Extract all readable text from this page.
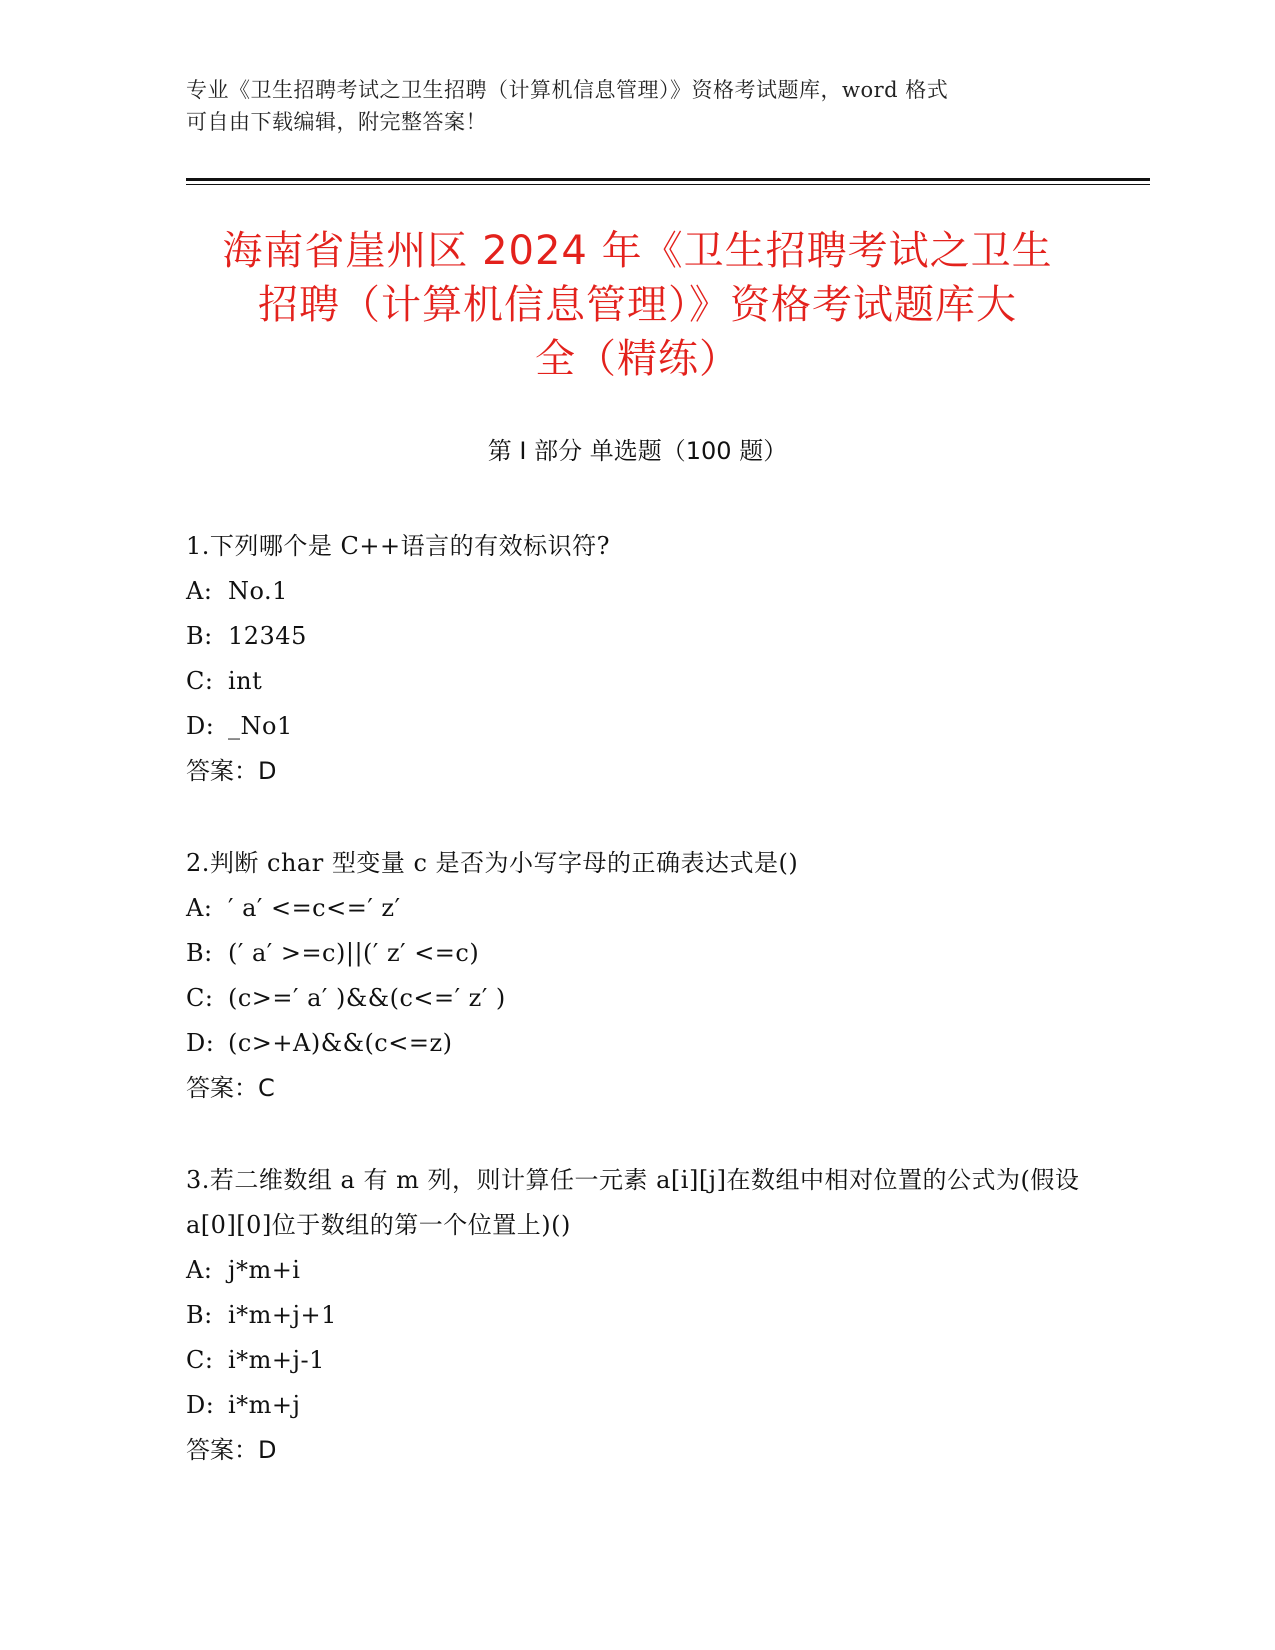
专业《卫生招聘考试之卫生招聘（计算机信息管理）》资格考试题库，word 格式
可自由下载编辑，附完整答案！
海南省崖州区 2024 年《卫生招聘考试之卫生
招聘（计算机信息管理）》资格考试题库大
全（精练）
第 I 部分 单选题（100 题）
1.下列哪个是 C++语言的有效标识符?
A: No.1
B: 12345
C: int
D: _No1
答案：D
2.判断 char 型变量 c 是否为小写字母的正确表达式是()
A: ′ a′ <=c<=′ z′
B: (′ a′ >=c)||(′ z′ <=c)
C: (c>=′ a′ )&&(c<=′ z′ )
D: (c>+A)&&(c<=z)
答案：C
3.若二维数组 a 有 m 列，则计算任一元素 a[i][j]在数组中相对位置的公式为(假设 a[0][0]位于数组的第一个位置上)()
A: j*m+i
B: i*m+j+1
C: i*m+j-1
D: i*m+j
答案：D
